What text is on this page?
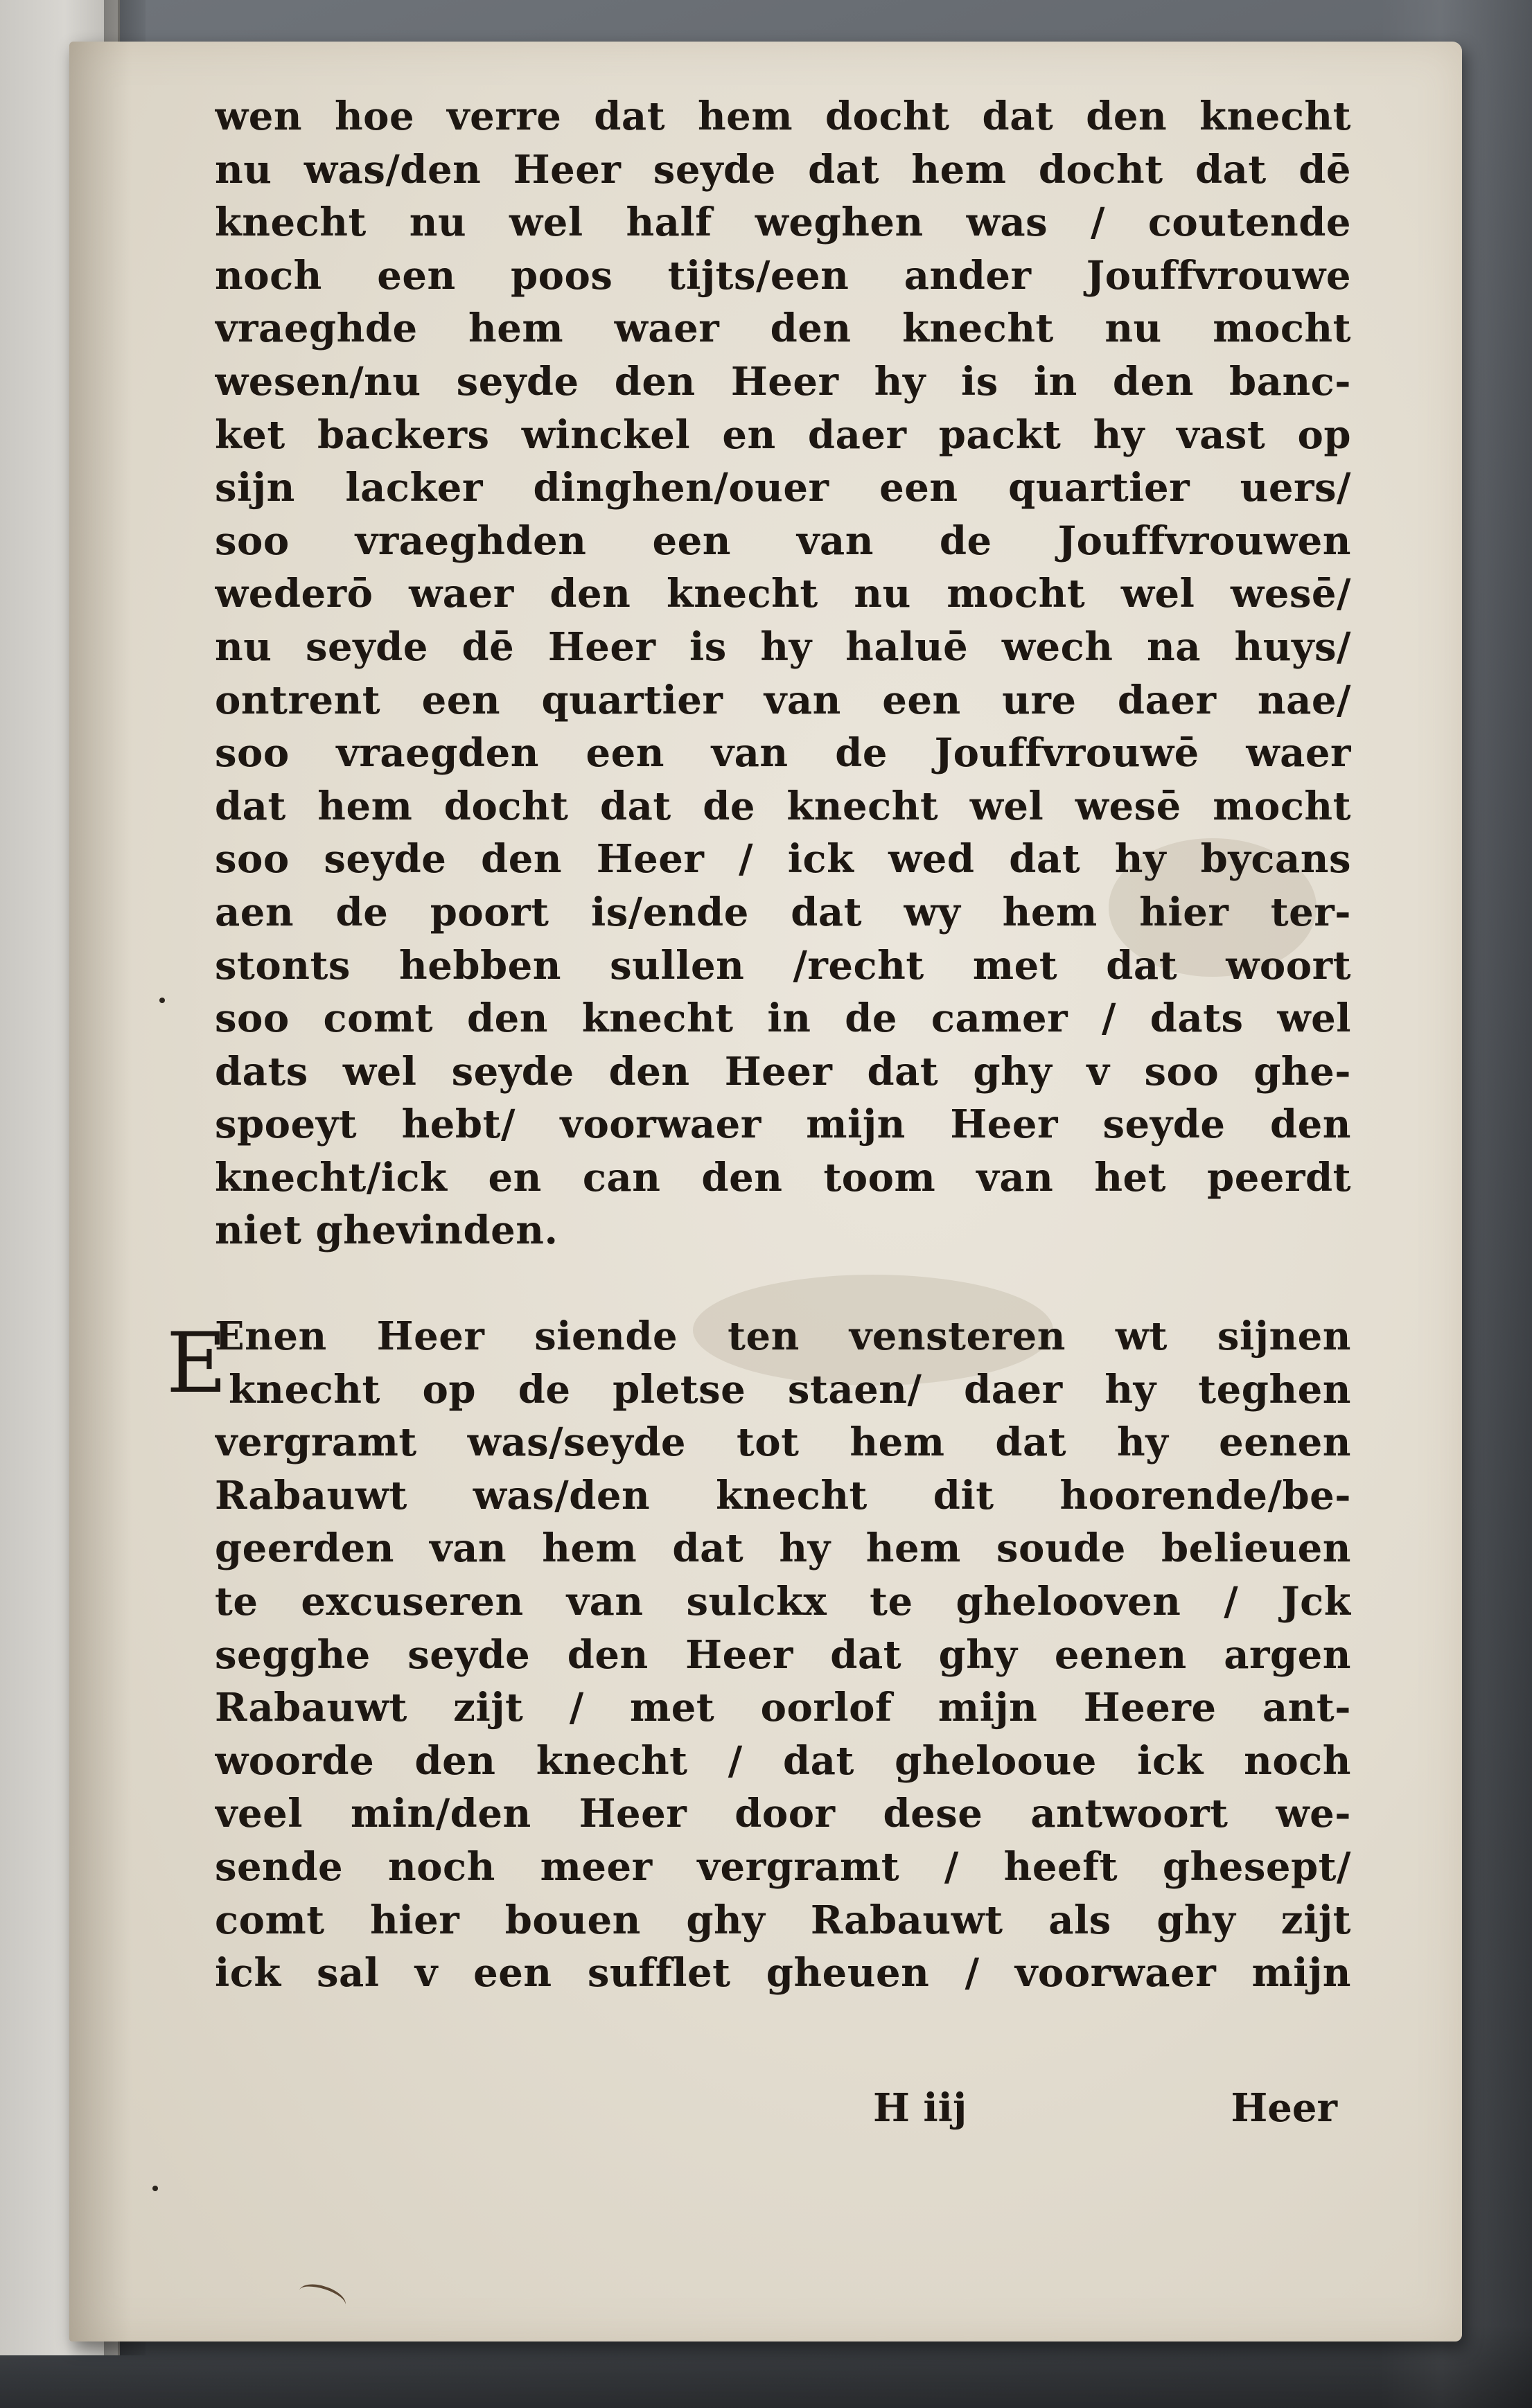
wen hoe verre dat hem docht dat den knecht
nu was/den Heer seyde dat hem docht dat dē
knecht nu wel half weghen was / coutende
noch een poos tijts/een ander Jouffvrouwe
vraeghde hem waer den knecht nu mocht
wesen/nu seyde den Heer hy is in den banc-
ket backers winckel en daer packt hy vast op
sijn lacker dinghen/ouer een quartier uers/
soo vraeghden een van de Jouffvrouwen
wederō waer den knecht nu mocht wel wesē/
nu seyde dē Heer is hy haluē wech na huys/
ontrent een quartier van een ure daer nae/
soo vraegden een van de Jouffvrouwē waer
dat hem docht dat de knecht wel wesē mocht
soo seyde den Heer / ick wed dat hy bycans
aen de poort is/ende dat wy hem hier ter-
stonts hebben sullen /recht met dat woort
soo comt den knecht in de camer / dats wel
dats wel seyde den Heer dat ghy v soo ghe-
spoeyt hebt/ voorwaer mijn Heer seyde den
knecht/ick en can den toom van het peerdt
niet ghevinden.
E
Enen Heer siende ten vensteren wt sijnen
knecht op de pletse staen/ daer hy teghen
vergramt was/seyde tot hem dat hy eenen
Rabauwt was/den knecht dit hoorende/be-
geerden van hem dat hy hem soude belieuen
te excuseren van sulckx te ghelooven / Jck
segghe seyde den Heer dat ghy eenen argen
Rabauwt zijt / met oorlof mijn Heere ant-
woorde den knecht / dat ghelooue ick noch
veel min/den Heer door dese antwoort we-
sende noch meer vergramt / heeft ghesept/
comt hier bouen ghy Rabauwt als ghy zijt
ick sal v een sufflet gheuen / voorwaer mijn
H iij	Heer
